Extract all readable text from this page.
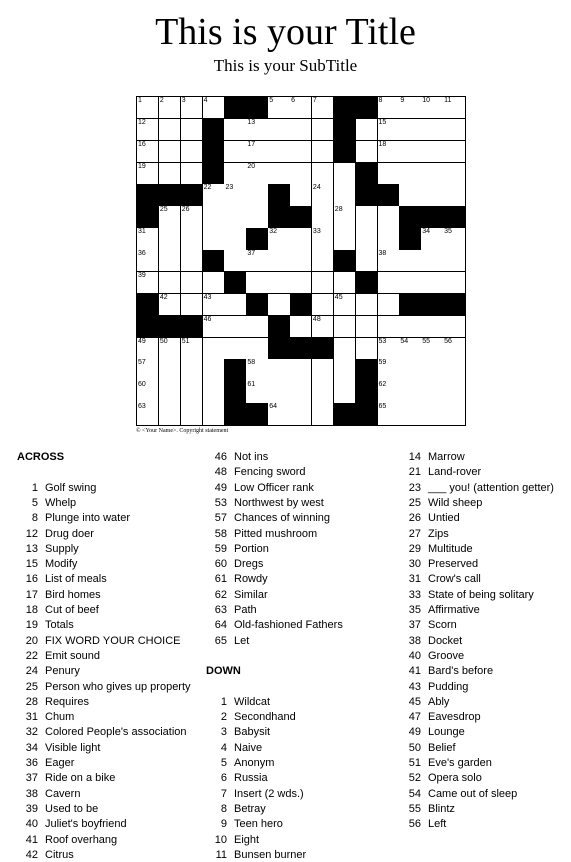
This is your Title
This is your SubTitle
1	2	3	4	5	6	7	8	9	10 11
12	13	15
16	17	18
19	20
22 23	24
25 26	28
31	32	33	34 35
36	37	38
39
42	43	45
46	48
49 50 51	53 54 55 56
57	58	59
60	61	62
63	64	65
© <Your Name>. Copyright statement
1 Golf swing
5 Whelp
8 Plunge into water
12 Drug doer
13 Supply
15 Modify
16 List of meals
17 Bird homes
18 Cut of beef
19 Totals
20 FIX WORD YOUR CHOICE
22 Emit sound
24 Penury
25 Person who gives up property
28 Requires
31 Chum
32 Colored People's association
34 Visible light
36 Eager
37 Ride on a bike
38 Cavern
39 Used to be
40 Juliet's boyfriend
41 Roof overhang
42 Citrus
46 Not ins
48 Fencing sword
49 Low Officer rank
53 Northwest by west
57 Chances of winning
58 Pitted mushroom
59 Portion
60 Dregs
61 Rowdy
62 Similar
63 Path
64 Old-fashioned Fathers
65 Let
1 Wildcat
2 Secondhand
3 Babysit
4 Naive
5 Anonym
6 Russia
7 Insert (2 wds.)
8 Betray
9 Teen hero
10 Eight
11 Bunsen burner
14 Marrow
21 Land-rover
23 ___ you! (attention getter)
25 Wild sheep
26 Untied
27 Zips
29 Multitude
30 Preserved
31 Crow's call
33 State of being solitary
35 Affirmative
37 Scorn
38 Docket
40 Groove
41 Bard's before
43 Pudding
45 Ably
47 Eavesdrop
49 Lounge
50 Belief
51 Eve's garden
52 Opera solo
54 Came out of sleep
55 Blintz
56 Left
ACROSS
DOWN
